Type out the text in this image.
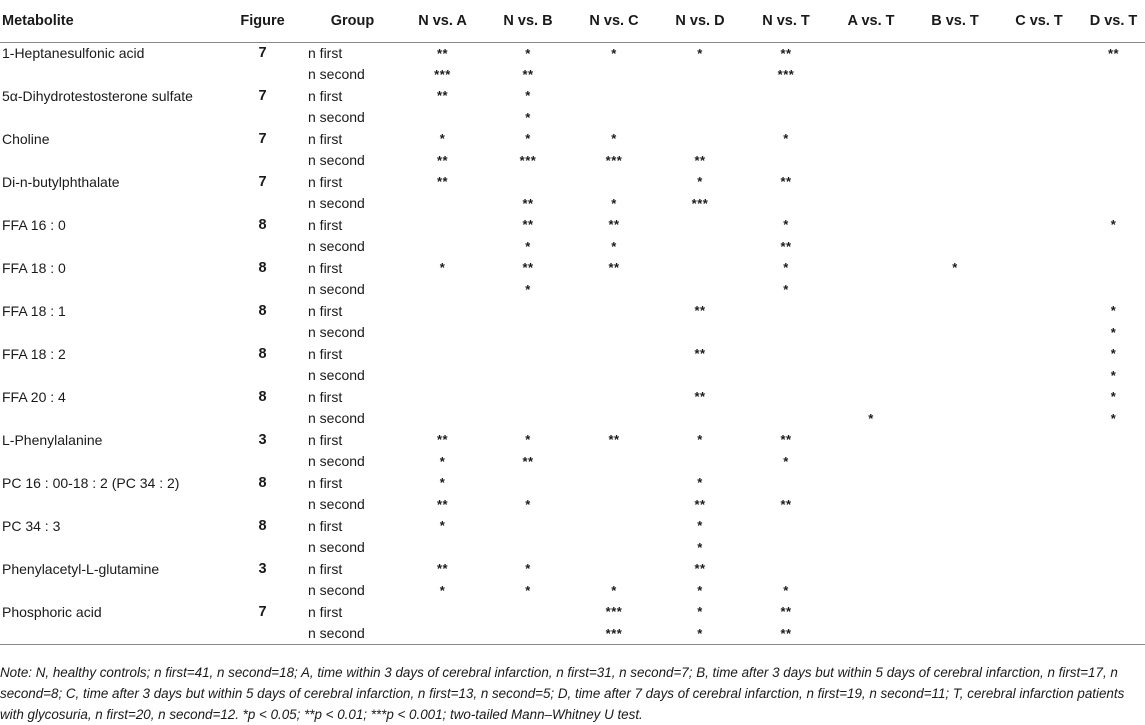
Metabolite	Figure	Group	N vs. A	N vs. B	N vs. C	N vs. D	N vs. T	A vs. T	B vs. T	C vs. T	D vs. T
1-Heptanesulfonic acid	7	n first	**	*	*	*	**				**
		n second	***	**			***				
5α-Dihydrotestosterone sulfate	7	n first	**	*							
		n second		*							
Choline	7	n first	*	*	*		*				
		n second	**	***	***	**					
Di-n-butylphthalate	7	n first	**			*	**				
		n second		**	*	***					
FFA 16 : 0	8	n first		**	**		*				*
		n second		*	*		**				
FFA 18 : 0	8	n first	*	**	**		*		*		
		n second		*			*				
FFA 18 : 1	8	n first				**					*
		n second									*
FFA 18 : 2	8	n first				**					*
		n second									*
FFA 20 : 4	8	n first				**					*
		n second						*			*
L-Phenylalanine	3	n first	**	*	**	*	**				
		n second	*	**			*				
PC 16 : 00-18 : 2 (PC 34 : 2)	8	n first	*			*					
		n second	**	*		**	**				
PC 34 : 3	8	n first	*			*					
		n second				*					
Phenylacetyl-L-glutamine	3	n first	**	*		**					
		n second	*	*	*	*	*				
Phosphoric acid	7	n first			***	*	**				
		n second			***	*	**				
Note: N, healthy controls; n first=41, n second=18; A, time within 3 days of cerebral infarction, n first=31, n second=7; B, time after 3 days but within 5 days of cerebral infarction, n first=17, n second=8; C, time after 3 days but within 5 days of cerebral infarction, n first=13, n second=5; D, time after 7 days of cerebral infarction, n first=19, n second=11; T, cerebral infarction patients with glycosuria, n first=20, n second=12. *p < 0.05; **p < 0.01; ***p < 0.001; two-tailed Mann–Whitney U test.
